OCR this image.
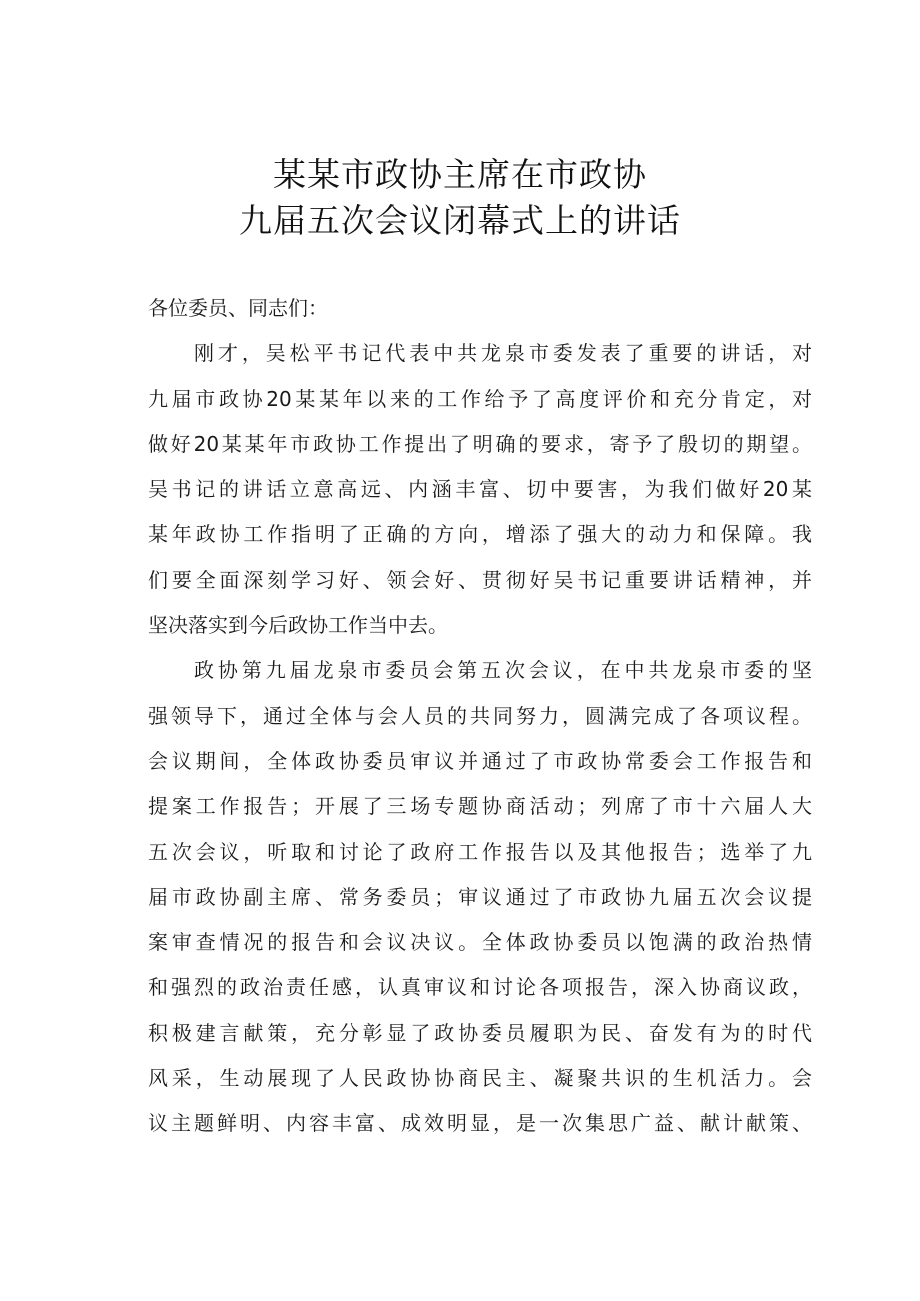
某某市政协主席在市政协
九届五次会议闭幕式上的讲话
各位委员、同志们：
刚才，吴松平书记代表中共龙泉市委发表了重要的讲话，对
九届市政协20某某年以来的工作给予了高度评价和充分肯定，对
做好20某某年市政协工作提出了明确的要求，寄予了殷切的期望。
吴书记的讲话立意高远、内涵丰富、切中要害，为我们做好20某
某年政协工作指明了正确的方向，增添了强大的动力和保障。我
们要全面深刻学习好、领会好、贯彻好吴书记重要讲话精神，并
坚决落实到今后政协工作当中去。
政协第九届龙泉市委员会第五次会议，在中共龙泉市委的坚
强领导下，通过全体与会人员的共同努力，圆满完成了各项议程。
会议期间，全体政协委员审议并通过了市政协常委会工作报告和
提案工作报告；开展了三场专题协商活动；列席了市十六届人大
五次会议，听取和讨论了政府工作报告以及其他报告；选举了九
届市政协副主席、常务委员；审议通过了市政协九届五次会议提
案审查情况的报告和会议决议。全体政协委员以饱满的政治热情
和强烈的政治责任感，认真审议和讨论各项报告，深入协商议政，
积极建言献策，充分彰显了政协委员履职为民、奋发有为的时代
风采，生动展现了人民政协协商民主、凝聚共识的生机活力。会
议主题鲜明、内容丰富、成效明显，是一次集思广益、献计献策、
